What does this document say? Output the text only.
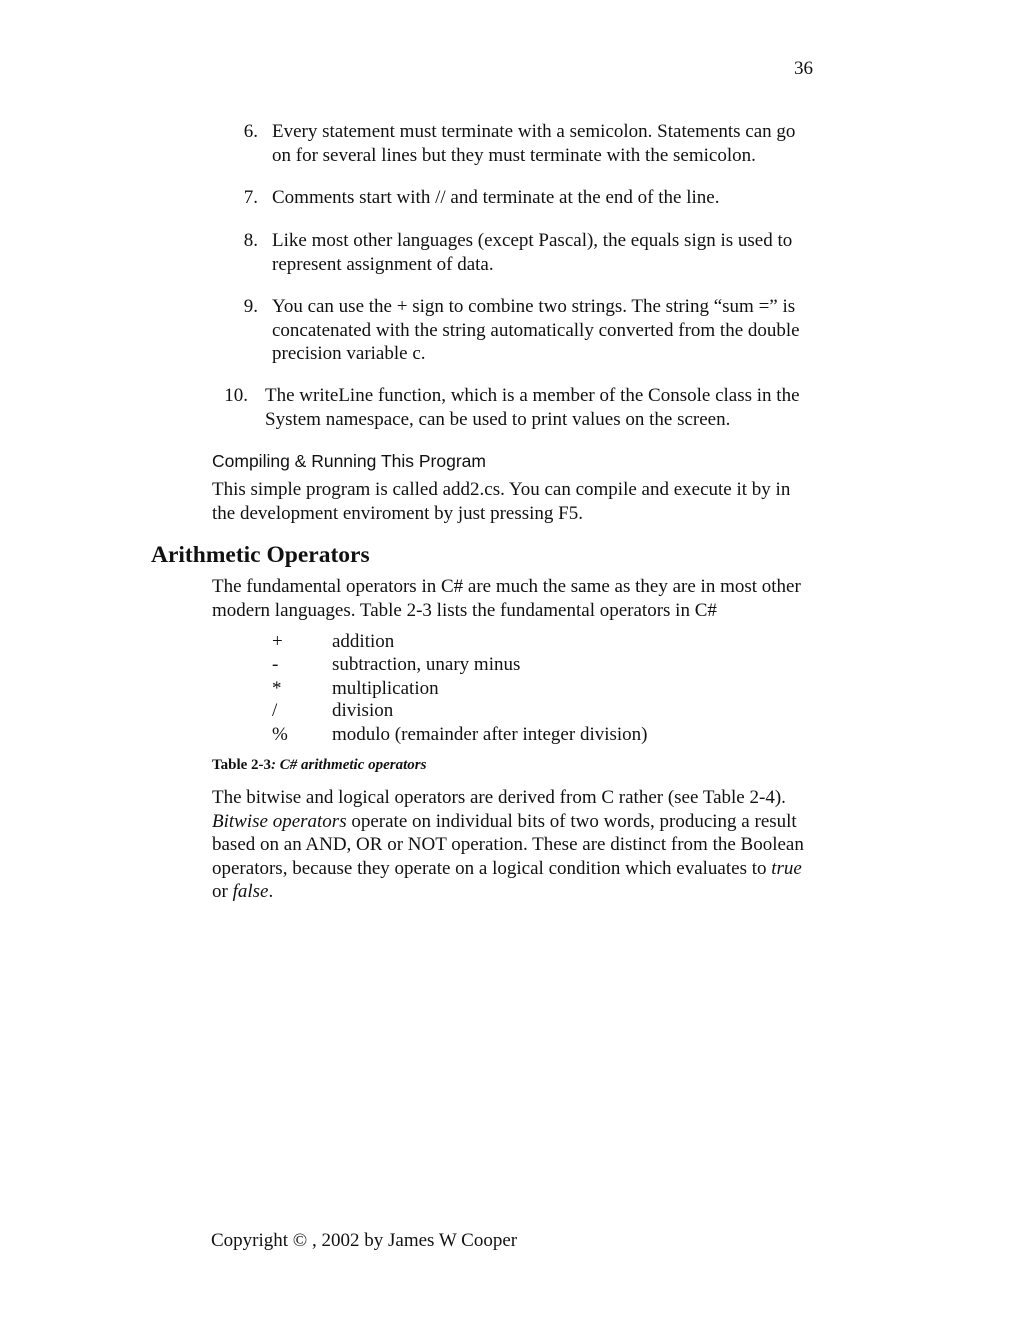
36

6. Every statement must terminate with a semicolon. Statements can go on for several lines but they must terminate with the semicolon.
7. Comments start with // and terminate at the end of the line.
8. Like most other languages (except Pascal), the equals sign is used to represent assignment of data.
9. You can use the + sign to combine two strings. The string “sum =” is concatenated with the string automatically converted from the double precision variable c.
10. The writeLine function, which is a member of the Console class in the System namespace, can be used to print values on the screen.

Compiling & Running This Program

This simple program is called add2.cs. You can compile and execute it by in the development enviroment by just pressing F5.

Arithmetic Operators

The fundamental operators in C# are much the same as they are in most other modern languages. Table 2-3 lists the fundamental operators in C#

+	addition
-	subtraction, unary minus
*	multiplication
/	division
% modulo (remainder after integer division)

Table 2-3: C# arithmetic operators

The bitwise and logical operators are derived from C rather (see Table 2-4). Bitwise operators operate on individual bits of two words, producing a result based on an AND, OR or NOT operation. These are distinct from the Boolean operators, because they operate on a logical condition which evaluates to true or false.

Copyright © , 2002 by James W Cooper
